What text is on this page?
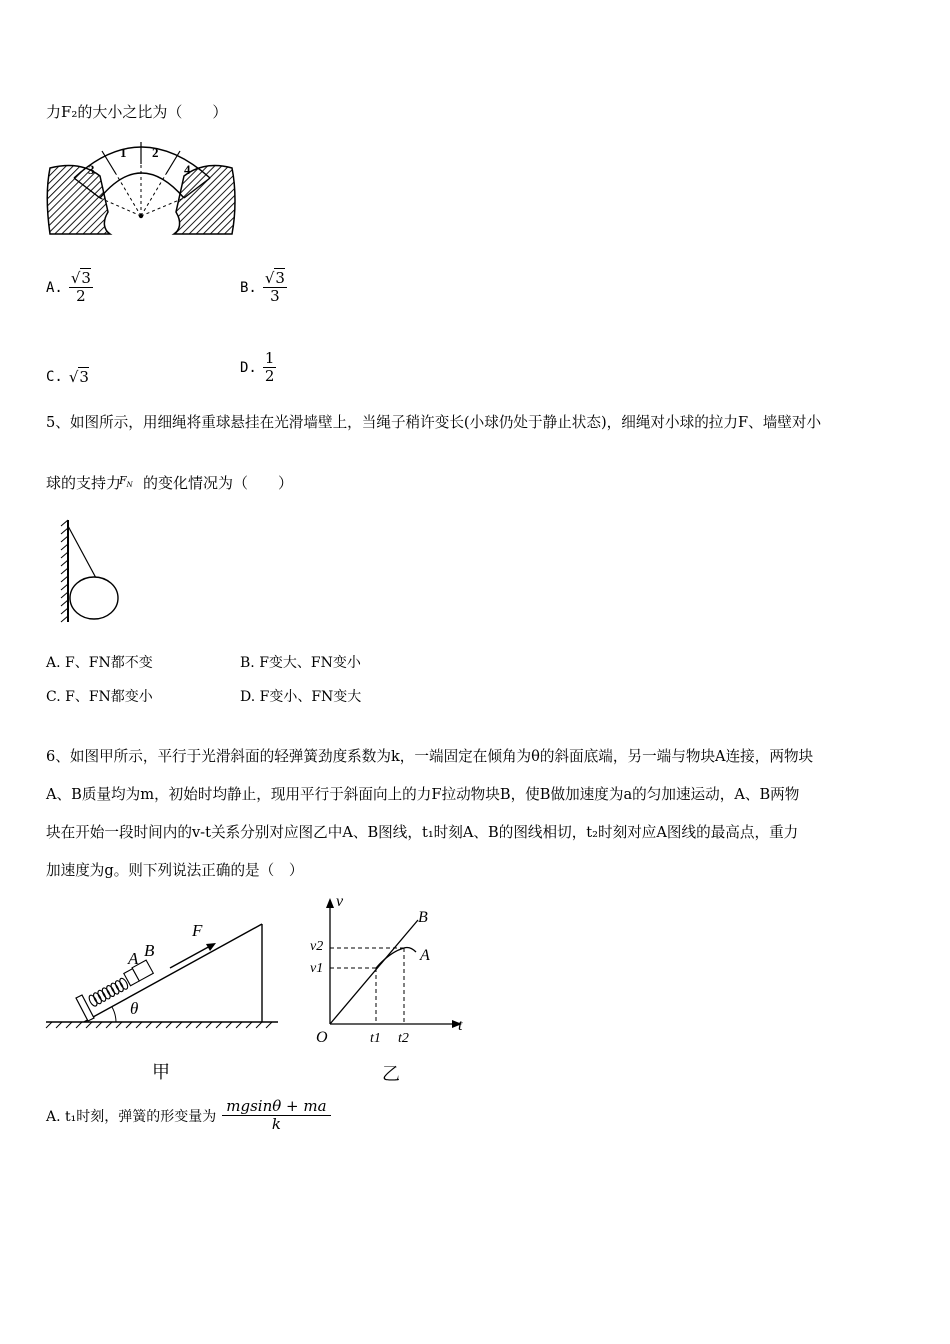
力F₂的大小之比为（　　）
3
1 2
4
A. $\frac{√3}{2}$	B. $\frac{√3}{3}$
C. √3
D. $\frac{1}{2}$
5、如图所示，用细绳将重球悬挂在光滑墙壁上，当绳子稍许变长(小球仍处于静止状态)，细绳对小球的拉力F、墙壁对小
球的支持力
$F_N$ 的变化情况为（　　）
A. F、FN都不变	B. F变大、FN变小
C. F、FN都变小	D. F变小、FN变大
6、如图甲所示，平行于光滑斜面的轻弹簧劲度系数为k，一端固定在倾角为θ的斜面底端，另一端与物块A连接，两物块
A、B质量均为m，初始时均静止，现用平行于斜面向上的力F拉动物块B，使B做加速度为a的匀加速运动，A、B两物
块在开始一段时间内的v-t关系分别对应图乙中A、B图线，t₁时刻A、B的图线相切，t₂时刻对应A图线的最高点，重力
加速度为g。则下列说法正确的是（　）
F
A B
θ
甲
v
t
O
B
A
v2
v1
t1 t2
乙
A. t₁时刻，弹簧的形变量为 $\frac{mgsin\theta + ma}{k}$
